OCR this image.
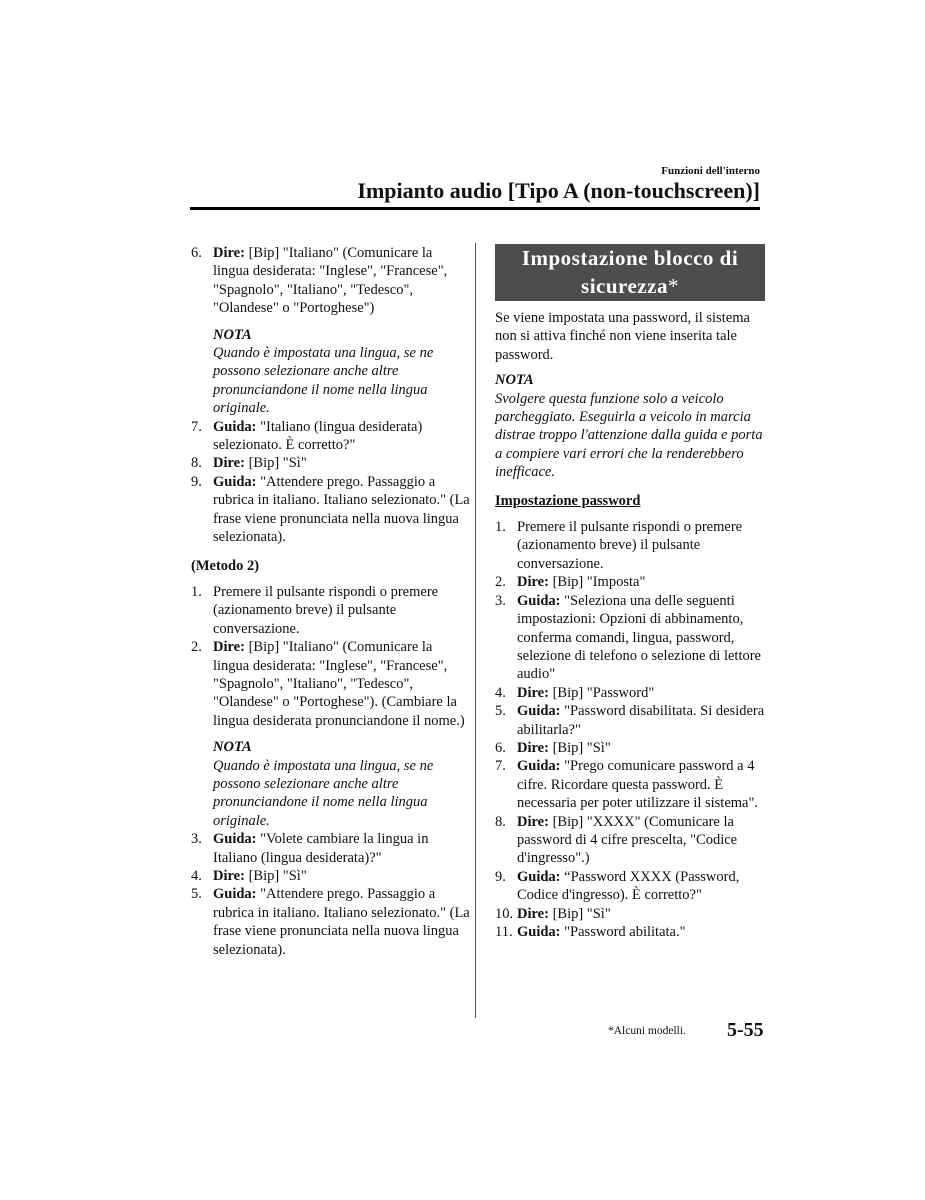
Funzioni dell'interno
Impianto audio [Tipo A (non-touchscreen)]
6. Dire: [Bip] "Italiano" (Comunicare la lingua desiderata: "Inglese", "Francese", "Spagnolo", "Italiano", "Tedesco", "Olandese" o "Portoghese")
NOTA
Quando è impostata una lingua, se ne possono selezionare anche altre pronunciandone il nome nella lingua originale.
7. Guida: "Italiano (lingua desiderata) selezionato. È corretto?"
8. Dire: [Bip] "Sì"
9. Guida: "Attendere prego. Passaggio a rubrica in italiano. Italiano selezionato." (La frase viene pronunciata nella nuova lingua selezionata).
(Metodo 2)
1. Premere il pulsante rispondi o premere (azionamento breve) il pulsante conversazione.
2. Dire: [Bip] "Italiano" (Comunicare la lingua desiderata: "Inglese", "Francese", "Spagnolo", "Italiano", "Tedesco", "Olandese" o "Portoghese"). (Cambiare la lingua desiderata pronunciandone il nome.)
NOTA
Quando è impostata una lingua, se ne possono selezionare anche altre pronunciandone il nome nella lingua originale.
3. Guida: "Volete cambiare la lingua in Italiano (lingua desiderata)?"
4. Dire: [Bip] "Sì"
5. Guida: "Attendere prego. Passaggio a rubrica in italiano. Italiano selezionato." (La frase viene pronunciata nella nuova lingua selezionata).
Impostazione blocco di sicurezza*

Se viene impostata una password, il sistema non si attiva finché non viene inserita tale password.

NOTA
Svolgere questa funzione solo a veicolo parcheggiato. Eseguirla a veicolo in marcia distrae troppo l'attenzione dalla guida e porta a compiere vari errori che la renderebbero inefficace.
Impostazione password
1. Premere il pulsante rispondi o premere (azionamento breve) il pulsante conversazione.
2. Dire: [Bip] "Imposta"
3. Guida: "Seleziona una delle seguenti impostazioni: Opzioni di abbinamento, conferma comandi, lingua, password, selezione di telefono o selezione di lettore audio"
4. Dire: [Bip] "Password"
5. Guida: "Password disabilitata. Si desidera abilitarla?"
6. Dire: [Bip] "Sì"
7. Guida: "Prego comunicare password a 4 cifre. Ricordare questa password. È necessaria per poter utilizzare il sistema".
8. Dire: [Bip] "XXXX" (Comunicare la password di 4 cifre prescelta, "Codice d'ingresso".)
9. Guida: “Password XXXX (Password, Codice d'ingresso). È corretto?"
10. Dire: [Bip] "Sì"
11. Guida: "Password abilitata."
*Alcuni modelli. 5-55
